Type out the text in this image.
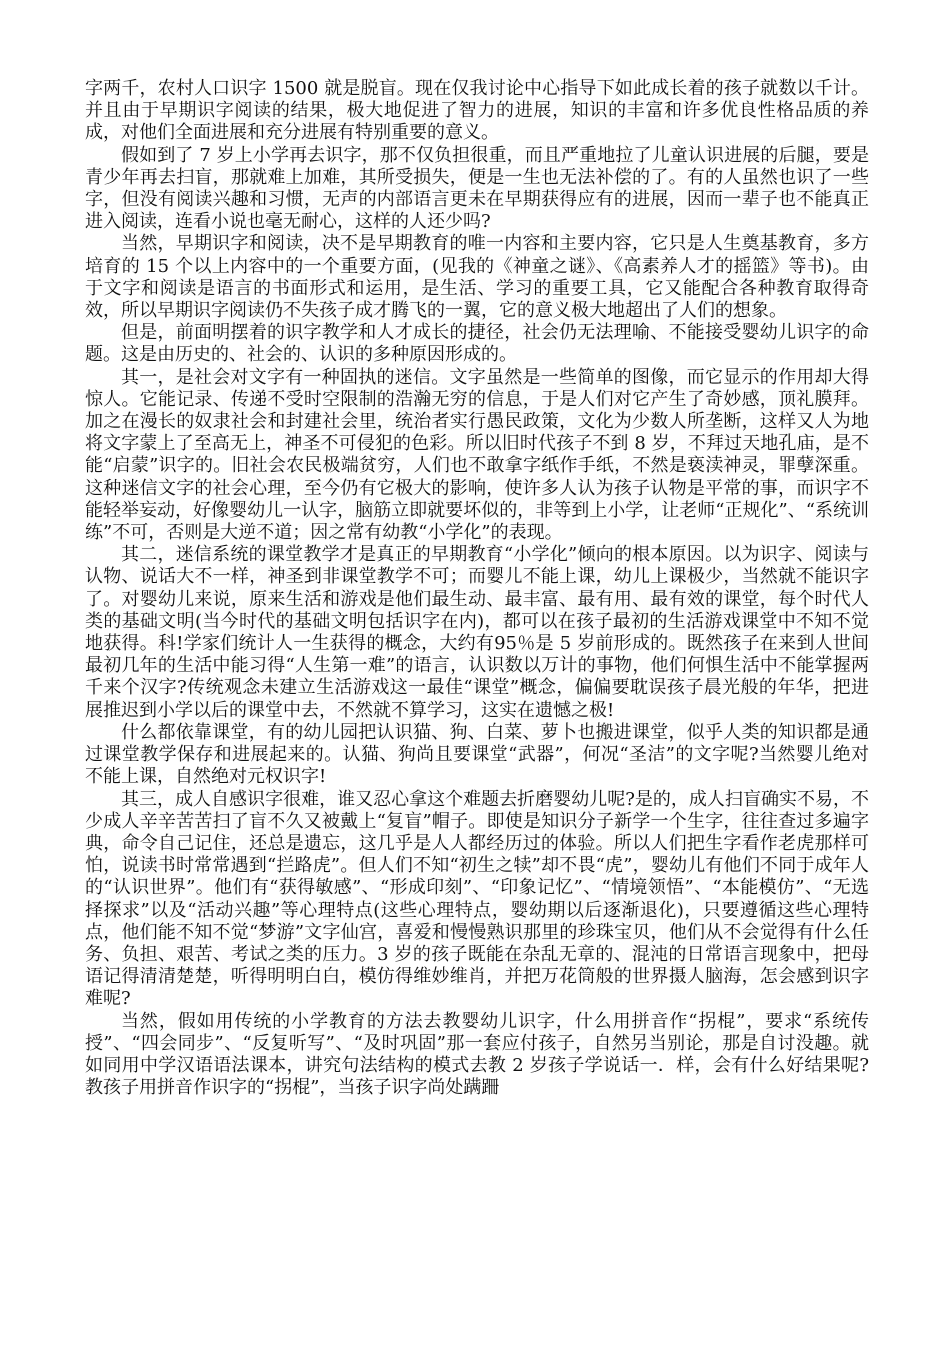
字两千，农村人口识字 1500 就是脱盲。现在仅我讨论中心指导下如此成长着的孩子就数以千计。并且由于早期识字阅读的结果，极大地促进了智力的进展，知识的丰富和许多优良性格品质的养成，对他们全面进展和充分进展有特别重要的意义。

假如到了 7 岁上小学再去识字，那不仅负担很重，而且严重地拉了儿童认识进展的后腿，要是青少年再去扫盲，那就难上加难，其所受损失，便是一生也无法补偿的了。有的人虽然也识了一些字，但没有阅读兴趣和习惯，无声的内部语言更未在早期获得应有的进展，因而一辈子也不能真正进入阅读，连看小说也毫无耐心，这样的人还少吗?

当然，早期识字和阅读，决不是早期教育的唯一内容和主要内容，它只是人生奠基教育，多方培育的 15 个以上内容中的一个重要方面，(见我的《神童之谜》、《高素养人才的摇篮》等书)。由于文字和阅读是语言的书面形式和运用，是生活、学习的重要工具，它又能配合各种教育取得奇效，所以早期识字阅读仍不失孩子成才腾飞的一翼，它的意义极大地超出了人们的想象。

但是，前面明摆着的识字教学和人才成长的捷径，社会仍无法理喻、不能接受婴幼儿识字的命题。这是由历史的、社会的、认识的多种原因形成的。

其一，是社会对文字有一种固执的迷信。文字虽然是一些简单的图像，而它显示的作用却大得惊人。它能记录、传递不受时空限制的浩瀚无穷的信息，于是人们对它产生了奇妙感，顶礼膜拜。加之在漫长的奴隶社会和封建社会里，统治者实行愚民政策，文化为少数人所垄断，这样又人为地将文字蒙上了至高无上，神圣不可侵犯的色彩。所以旧时代孩子不到 8 岁，不拜过天地孔庙，是不能“启蒙”识字的。旧社会农民极端贫穷，人们也不敢拿字纸作手纸，不然是亵渎神灵，罪孽深重。这种迷信文字的社会心理，至今仍有它极大的影响，使许多人认为孩子认物是平常的事，而识字不能轻举妄动，好像婴幼儿一认字，脑筋立即就要坏似的，非等到上小学，让老师“正规化”、“系统训练”不可，否则是大逆不道；因之常有幼教“小学化”的表现。

其二，迷信系统的课堂教学才是真正的早期教育“小学化”倾向的根本原因。以为识字、阅读与认物、说话大不一样，神圣到非课堂教学不可；而婴儿不能上课，幼儿上课极少，当然就不能识字了。对婴幼儿来说，原来生活和游戏是他们最生动、最丰富、最有用、最有效的课堂，每个时代人类的基础文明(当今时代的基础文明包括识字在内)，都可以在孩子最初的生活游戏课堂中不知不觉地获得。科!学家们统计人一生获得的概念，大约有95％是 5 岁前形成的。既然孩子在来到人世间最初几年的生活中能习得“人生第一难”的语言，认识数以万计的事物，他们何惧生活中不能掌握两千来个汉字?传统观念未建立生活游戏这一最佳“课堂”概念，偏偏要耽误孩子晨光般的年华，把进展推迟到小学以后的课堂中去，不然就不算学习，这实在遗憾之极!

什么都依靠课堂，有的幼儿园把认识猫、狗、白菜、萝卜也搬进课堂，似乎人类的知识都是通过课堂教学保存和进展起来的。认猫、狗尚且要课堂“武器”，何况“圣洁”的文字呢?当然婴儿绝对不能上课，自然绝对元权识字!

其三，成人自感识字很难，谁又忍心拿这个难题去折磨婴幼儿呢?是的，成人扫盲确实不易，不少成人辛辛苦苦扫了盲不久又被戴上“复盲”帽子。即使是知识分子新学一个生字，往往查过多遍字典，命令自己记住，还总是遗忘，这几乎是人人都经历过的体验。所以人们把生字看作老虎那样可怕，说读书时常常遇到“拦路虎”。但人们不知“初生之犊”却不畏“虎”，婴幼儿有他们不同于成年人的“认识世界”。他们有“获得敏感”、“形成印刻”、“印象记忆”、“情境领悟”、“本能模仿”、“无选择探求”以及“活动兴趣”等心理特点(这些心理特点，婴幼期以后逐渐退化)，只要遵循这些心理特点，他们能不知不觉“梦游”文字仙宫，喜爱和慢慢熟识那里的珍珠宝贝，他们从不会觉得有什么任务、负担、艰苦、考试之类的压力。3 岁的孩子既能在杂乱无章的、混沌的日常语言现象中，把母语记得清清楚楚，听得明明白白，模仿得维妙维肖，并把万花筒般的世界摄人脑海，怎会感到识字难呢?

当然，假如用传统的小学教育的方法去教婴幼儿识字，什么用拼音作“拐棍”，要求“系统传授”、“四会同步”、“反复听写”、“及时巩固”那一套应付孩子，自然另当别论，那是自讨没趣。就如同用中学汉语语法课本，讲究句法结构的模式去教 2 岁孩子学说话一．样，会有什么好结果呢?教孩子用拼音作识字的“拐棍”，当孩子识字尚处蹒跚
